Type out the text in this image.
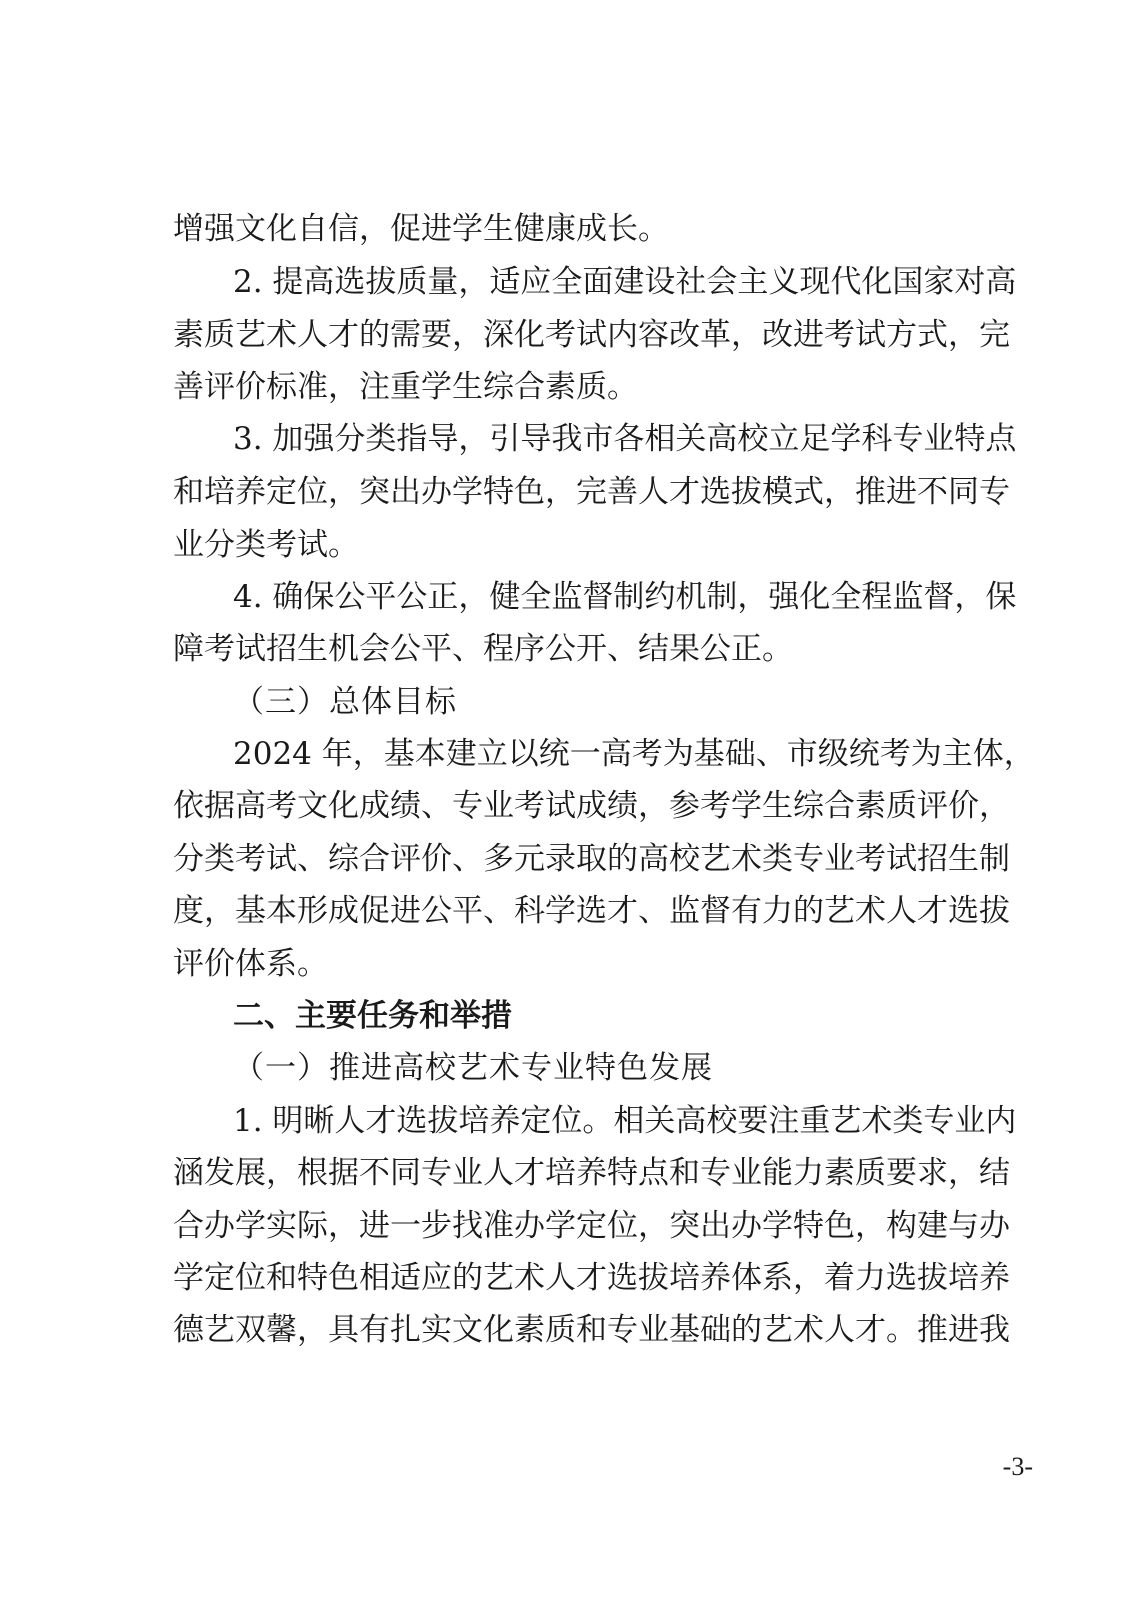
增强文化自信，促进学生健康成长。

2. 提高选拔质量，适应全面建设社会主义现代化国家对高

素质艺术人才的需要，深化考试内容改革，改进考试方式，完

善评价标准，注重学生综合素质。

3. 加强分类指导，引导我市各相关高校立足学科专业特点

和培养定位，突出办学特色，完善人才选拔模式，推进不同专

业分类考试。

4. 确保公平公正，健全监督制约机制，强化全程监督，保

障考试招生机会公平、程序公开、结果公正。

（三）总体目标

2024 年，基本建立以统一高考为基础、市级统考为主体，

依据高考文化成绩、专业考试成绩，参考学生综合素质评价，

分类考试、综合评价、多元录取的高校艺术类专业考试招生制

度，基本形成促进公平、科学选才、监督有力的艺术人才选拔

评价体系。

二、主要任务和举措

（一）推进高校艺术专业特色发展

1. 明晰人才选拔培养定位。相关高校要注重艺术类专业内

涵发展，根据不同专业人才培养特点和专业能力素质要求，结

合办学实际，进一步找准办学定位，突出办学特色，构建与办

学定位和特色相适应的艺术人才选拔培养体系，着力选拔培养

德艺双馨，具有扎实文化素质和专业基础的艺术人才。推进我

-3-
